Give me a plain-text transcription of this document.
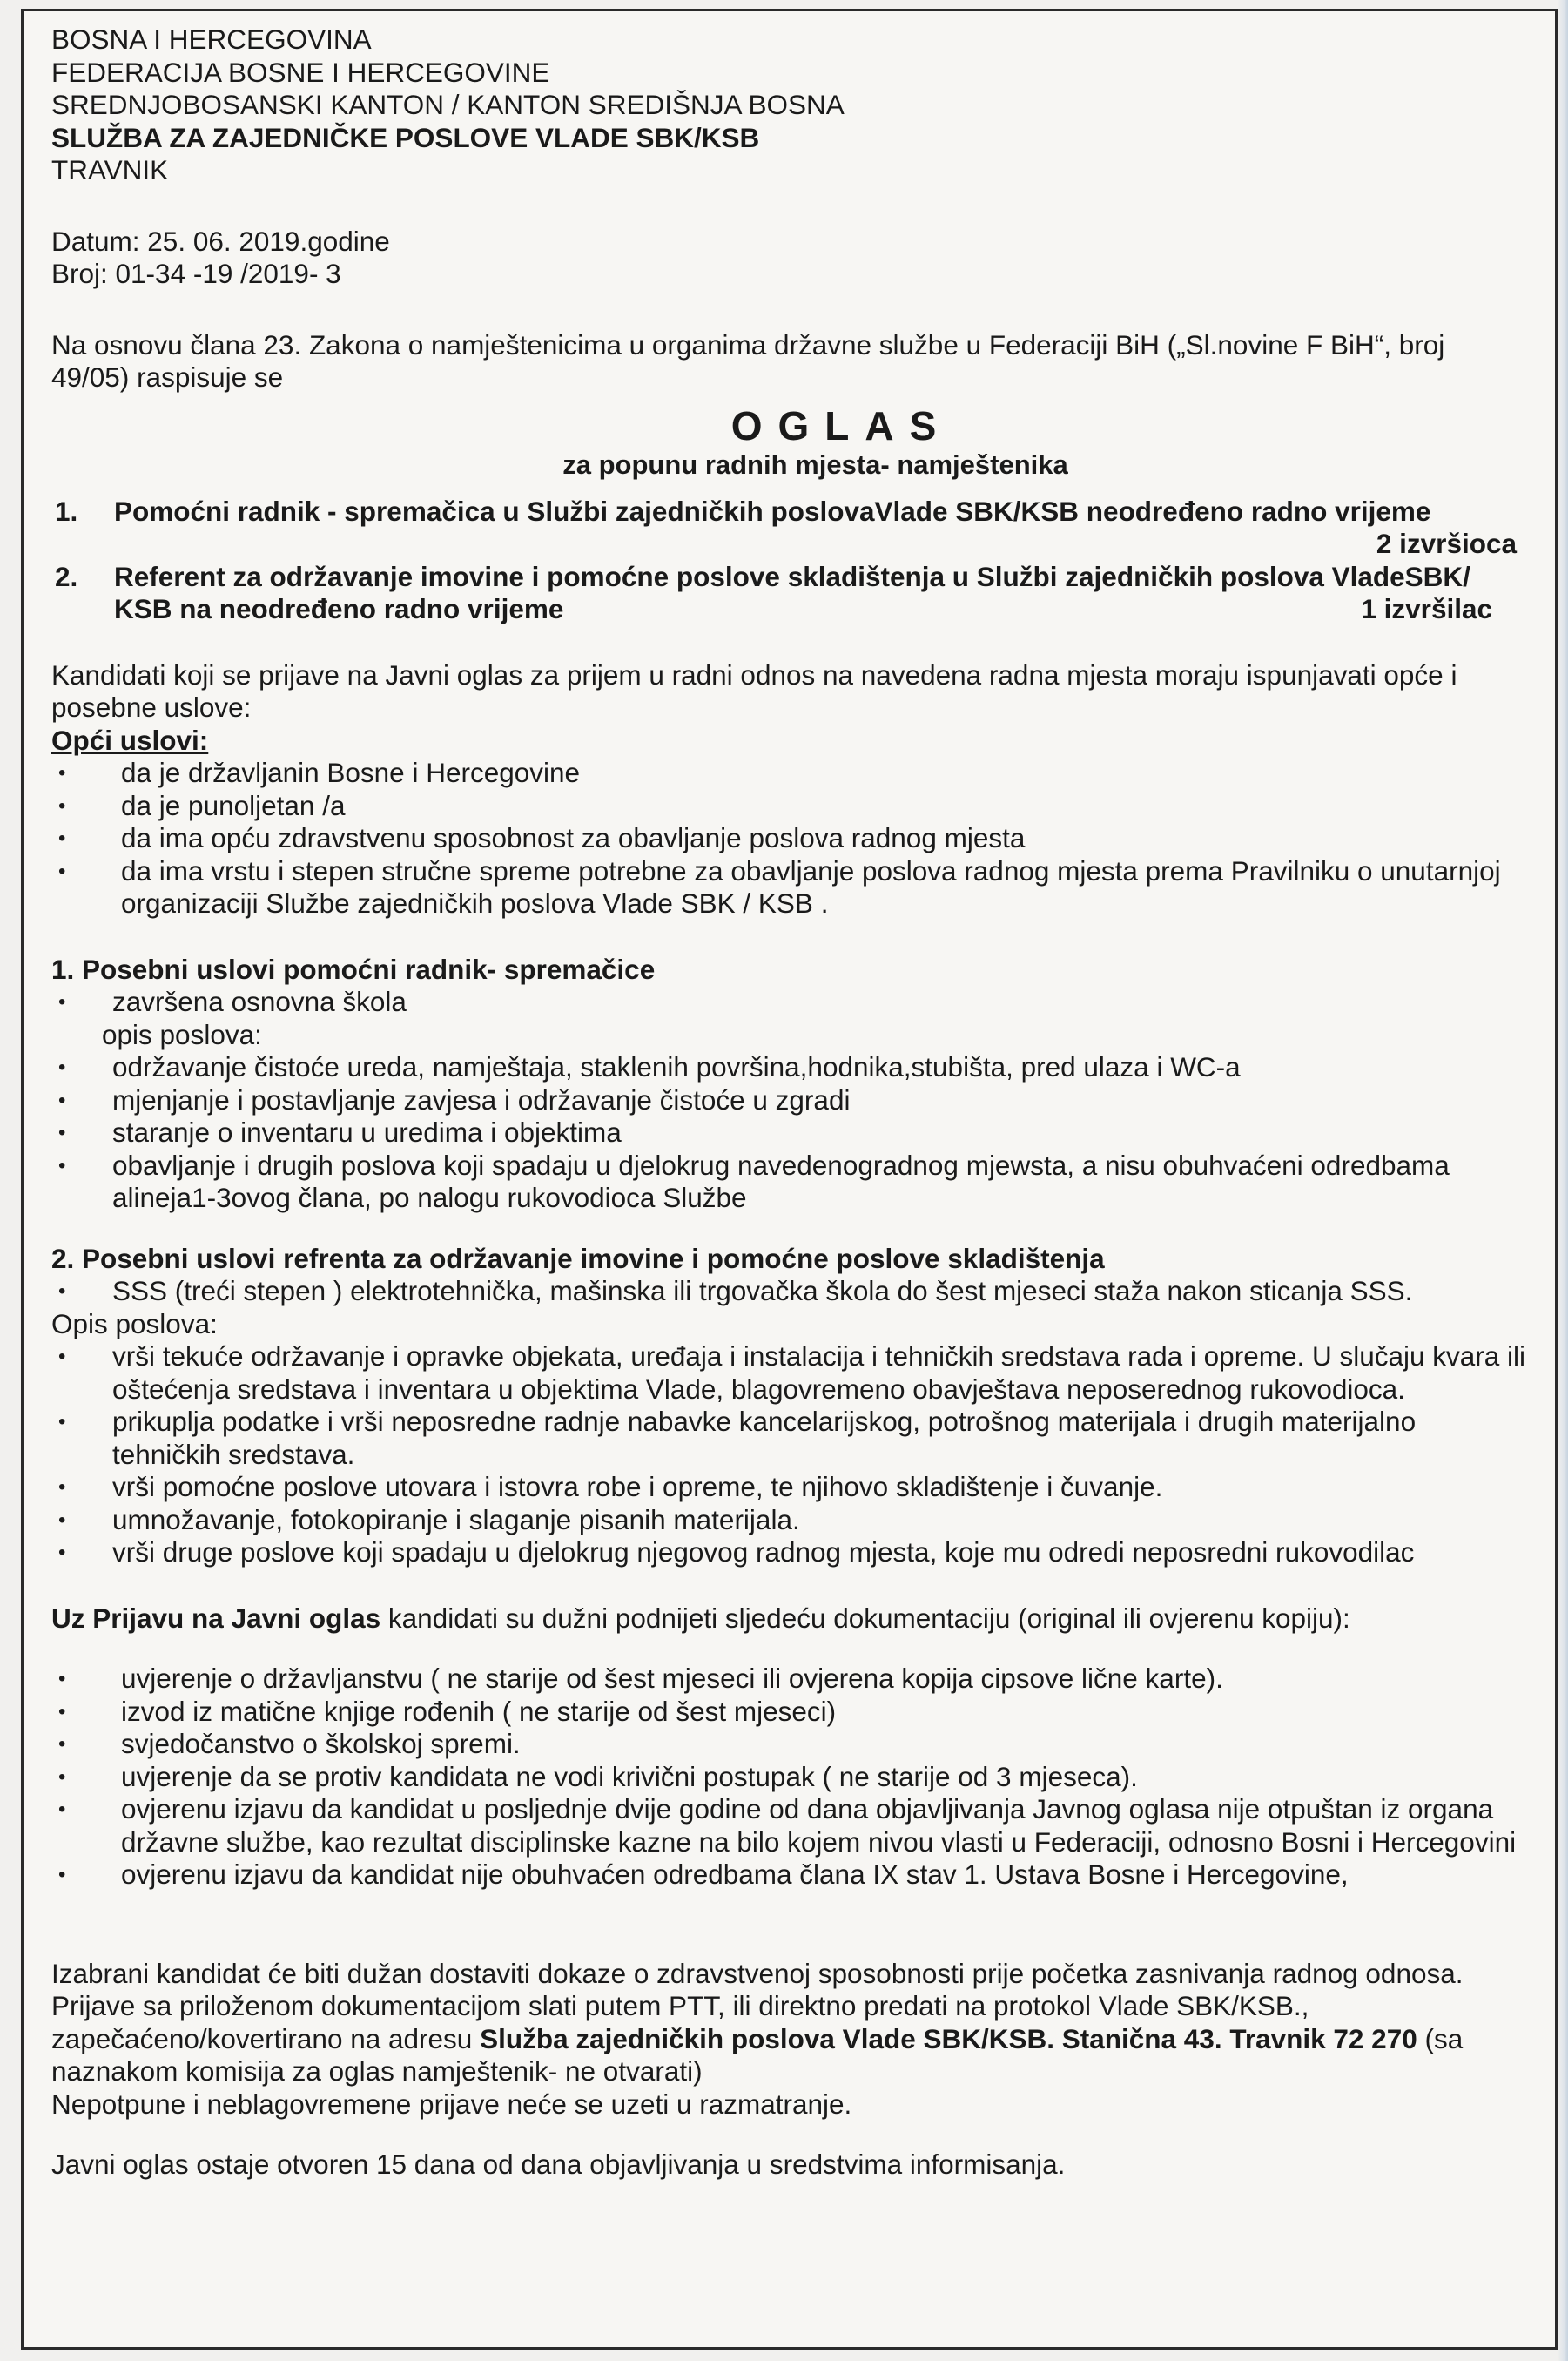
BOSNA I HERCEGOVINA
FEDERACIJA BOSNE I HERCEGOVINE
SREDNJOBOSANSKI KANTON / KANTON SREDIŠNJA BOSNA
SLUŽBA ZA ZAJEDNIČKE POSLOVE VLADE SBK/KSB
TRAVNIK
Datum: 25. 06. 2019.godine
Broj: 01-34 -19 /2019- 3
Na osnovu člana 23. Zakona o namještenicima u organima državne službe u Federaciji BiH („Sl.novine F BiH“, broj 49/05) raspisuje se
OGLAS
za popunu radnih mjesta- namještenika
1.	Pomoćni radnik - spremačica u Službi zajedničkih poslovaVlade SBK/KSB neodređeno radno vrijeme
2 izvršioca
2.	Referent za održavanje imovine i pomoćne poslove skladištenja u Službi zajedničkih poslova VladeSBK/
KSB na neodređeno radno vrijeme	1 izvršilac
Kandidati koji se prijave na Javni oglas za prijem u radni odnos na navedena radna mjesta moraju ispunjavati opće i posebne uslove:
Opći uslovi:
• da je državljanin Bosne i Hercegovine
• da je punoljetan /a
• da ima opću zdravstvenu sposobnost za obavljanje poslova radnog mjesta
• da ima vrstu i stepen stručne spreme potrebne za obavljanje poslova radnog mjesta prema Pravilniku o unutarnjoj organizaciji Službe zajedničkih poslova Vlade SBK / KSB .
1. Posebni uslovi pomoćni radnik- spremačice
• završena osnovna škola
opis poslova:
• održavanje čistoće ureda, namještaja, staklenih površina,hodnika,stubišta, pred ulaza i WC-a
• mjenjanje i postavljanje zavjesa i održavanje čistoće u zgradi
• staranje o inventaru u uredima i objektima
• obavljanje i drugih poslova koji spadaju u djelokrug navedenogradnog mjewsta, a nisu obuhvaćeni odredbama alineja1-3ovog člana, po nalogu rukovodioca Službe
2. Posebni uslovi refrenta za održavanje imovine i pomoćne poslove skladištenja
• SSS (treći stepen ) elektrotehnička, mašinska ili trgovačka škola do šest mjeseci staža nakon sticanja SSS.
Opis poslova:
• vrši tekuće održavanje i opravke objekata, uređaja i instalacija i tehničkih sredstava rada i opreme. U slučaju kvara ili oštećenja sredstava i inventara u objektima Vlade, blagovremeno obavještava neposerednog rukovodioca.
• prikuplja podatke i vrši neposredne radnje nabavke kancelarijskog, potrošnog materijala i drugih materijalno tehničkih sredstava.
• vrši pomoćne poslove utovara i istovra robe i opreme, te njihovo skladištenje i čuvanje.
• umnožavanje, fotokopiranje i slaganje pisanih materijala.
• vrši druge poslove koji spadaju u djelokrug njegovog radnog mjesta, koje mu odredi neposredni rukovodilac
Uz Prijavu na Javni oglas kandidati su dužni podnijeti sljedeću dokumentaciju (original ili ovjerenu kopiju):
• uvjerenje o državljanstvu ( ne starije od šest mjeseci ili ovjerena kopija cipsove lične karte).
• izvod iz matične knjige rođenih ( ne starije od šest mjeseci)
• svjedočanstvo o školskoj spremi.
• uvjerenje da se protiv kandidata ne vodi krivični postupak ( ne starije od 3 mjeseca).
• ovjerenu izjavu da kandidat u posljednje dvije godine od dana objavljivanja Javnog oglasa nije otpuštan iz organa državne službe, kao rezultat disciplinske kazne na bilo kojem nivou vlasti u Federaciji, odnosno Bosni i Hercegovini
• ovjerenu izjavu da kandidat nije obuhvaćen odredbama člana IX stav 1. Ustava Bosne i Hercegovine,
Izabrani kandidat će biti dužan dostaviti dokaze o zdravstvenoj sposobnosti prije početka zasnivanja radnog odnosa.
Prijave sa priloženom dokumentacijom slati putem PTT, ili direktno predati na protokol Vlade SBK/KSB., zapečaćeno/kovertirano na adresu Služba zajedničkih poslova Vlade SBK/KSB. Stanična 43. Travnik 72 270 (sa naznakom komisija za oglas namještenik- ne otvarati)
Nepotpune i neblagovremene prijave neće se uzeti u razmatranje.
Javni oglas ostaje otvoren 15 dana od dana objavljivanja u sredstvima informisanja.
